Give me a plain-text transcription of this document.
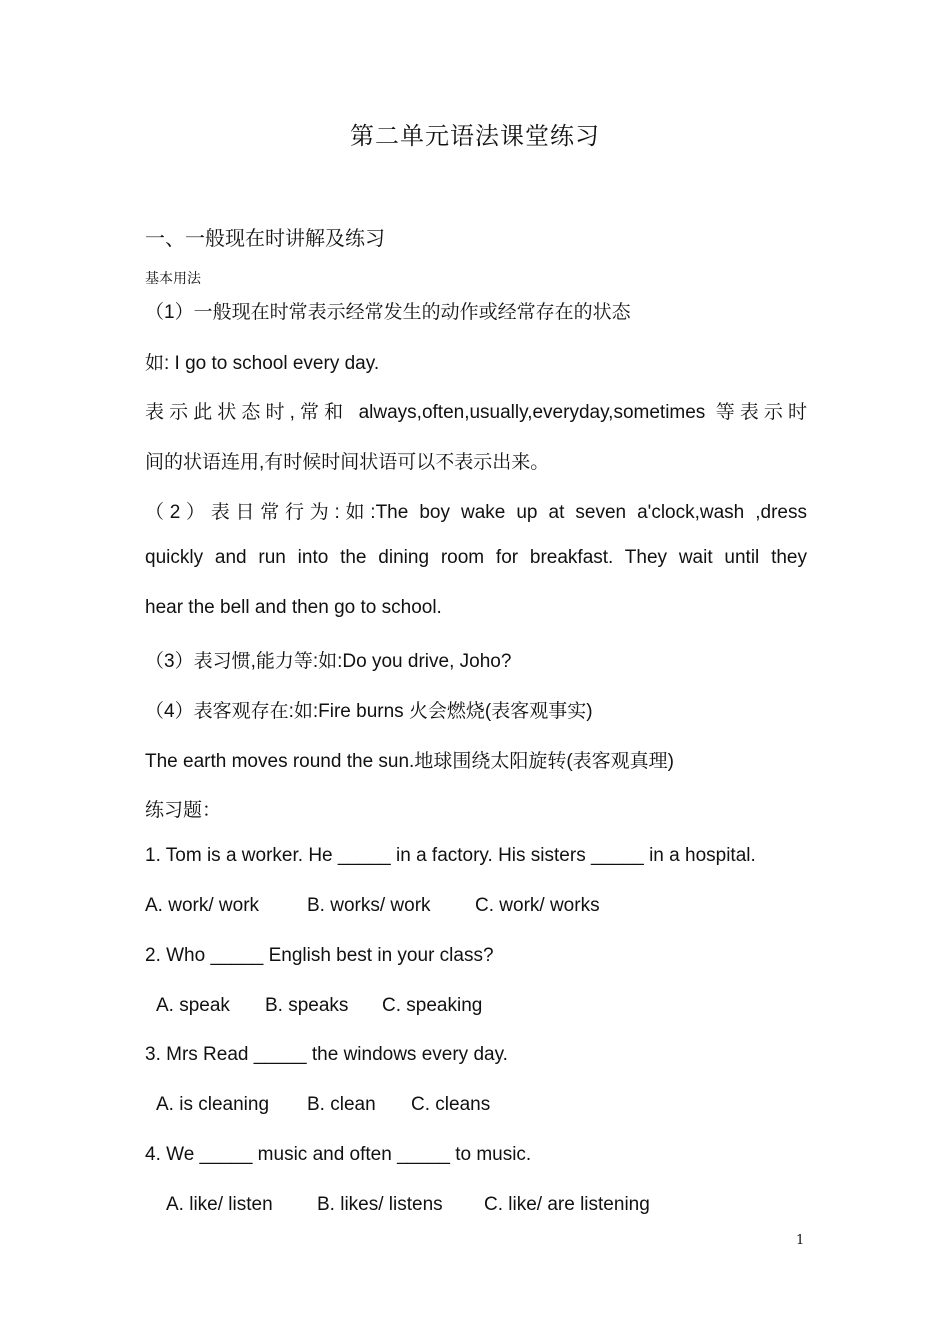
第二单元语法课堂练习
一、一般现在时讲解及练习
基本用法
（1）一般现在时常表示经常发生的动作或经常存在的状态
如: I go to school every day.
表示此状态时,常和 always,often,usually,everyday,sometimes 等表示时
间的状语连用,有时候时间状语可以不表示出来。
（2）表日常行为:如:The boy wake up at seven a'clock,wash ,dress
quickly and run into the dining room for breakfast. They wait until they
hear the bell and then go to school.
（3）表习惯,能力等:如:Do you drive, Joho?
（4）表客观存在:如:Fire burns 火会燃烧(表客观事实)
The earth moves round the sun.地球围绕太阳旋转(表客观真理)
练习题：
1. Tom is a worker. He _____ in a factory. His sisters _____ in a hospital.
A. work/ work	B. works/ work C. work/ works
2. Who _____ English best in your class?
A. speak B. speaks C. speaking
3. Mrs Read _____ the windows every day.
A. is cleaning B. clean C. cleans
4. We _____ music and often _____ to music.
A. like/ listen B. likes/ listens C. like/ are listening
1
